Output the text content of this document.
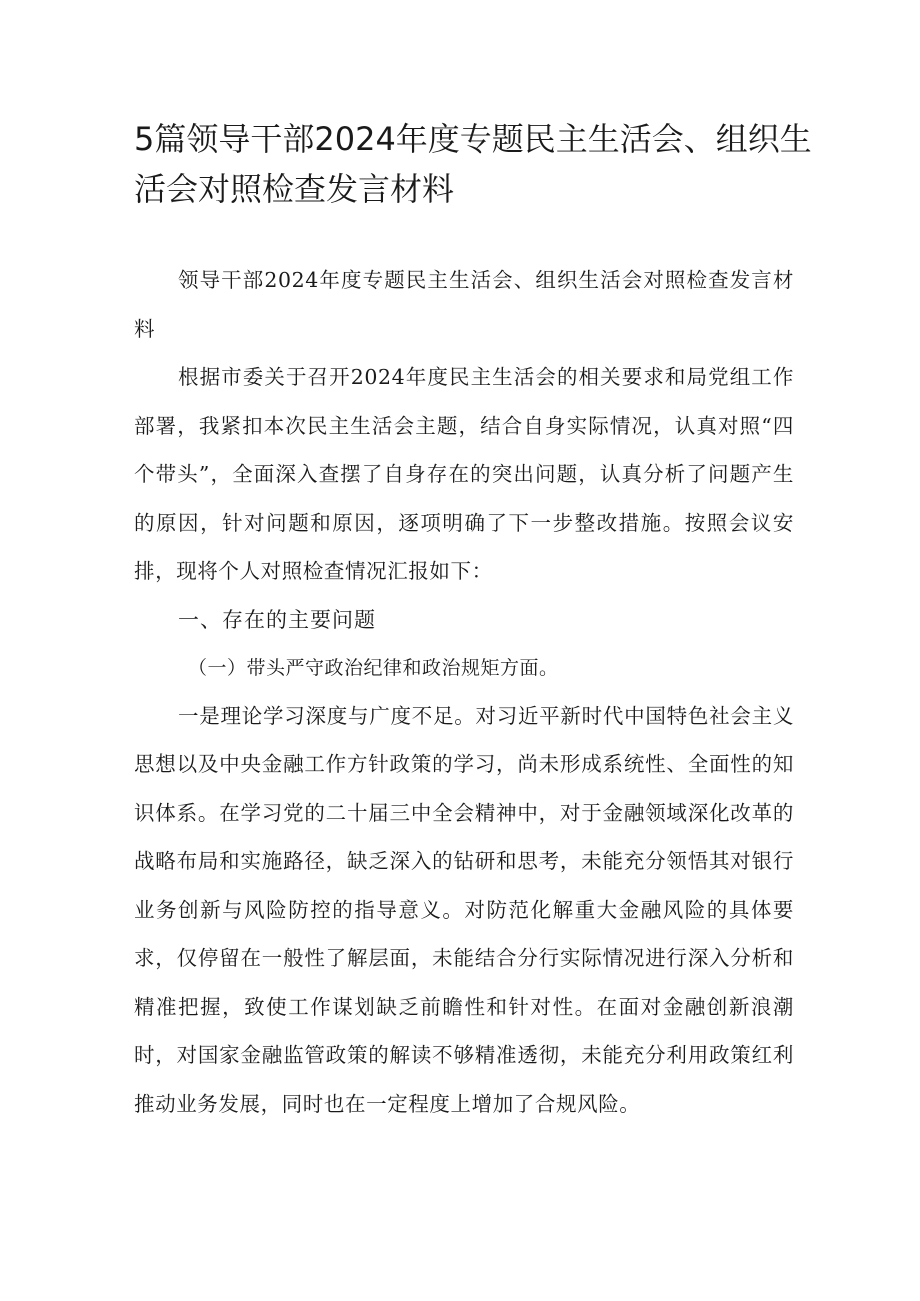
5篇领导干部2024年度专题民主生活会、组织生活会对照检查发言材料

领导干部2024年度专题民主生活会、组织生活会对照检查发言材料

根据市委关于召开2024年度民主生活会的相关要求和局党组工作部署，我紧扣本次民主生活会主题，结合自身实际情况，认真对照“四个带头”，全面深入查摆了自身存在的突出问题，认真分析了问题产生的原因，针对问题和原因，逐项明确了下一步整改措施。按照会议安排，现将个人对照检查情况汇报如下：

一、存在的主要问题

（一）带头严守政治纪律和政治规矩方面。

一是理论学习深度与广度不足。对习近平新时代中国特色社会主义思想以及中央金融工作方针政策的学习，尚未形成系统性、全面性的知识体系。在学习党的二十届三中全会精神中，对于金融领域深化改革的战略布局和实施路径，缺乏深入的钻研和思考，未能充分领悟其对银行业务创新与风险防控的指导意义。对防范化解重大金融风险的具体要求，仅停留在一般性了解层面，未能结合分行实际情况进行深入分析和精准把握，致使工作谋划缺乏前瞻性和针对性。在面对金融创新浪潮时，对国家金融监管政策的解读不够精准透彻，未能充分利用政策红利推动业务发展，同时也在一定程度上增加了合规风险。
